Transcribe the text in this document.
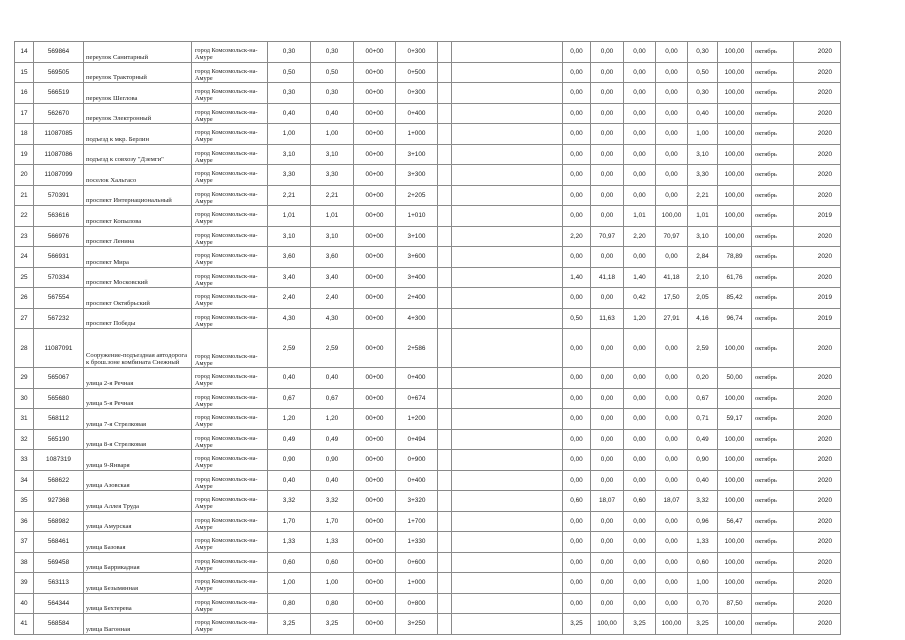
14	569864	переулок Санитарный	город Комсомольск-на-Амуре	0,30	0,30	00+00	0+300			0,00	0,00	0,00	0,00	0,30	100,00	октябрь	2020
15	569505	переулок Тракторный	город Комсомольск-на-Амуре	0,50	0,50	00+00	0+500			0,00	0,00	0,00	0,00	0,50	100,00	октябрь	2020
16	566519	переулок Шеглова	город Комсомольск-на-Амуре	0,30	0,30	00+00	0+300			0,00	0,00	0,00	0,00	0,30	100,00	октябрь	2020
17	562670	переулок Электронный	город Комсомольск-на-Амуре	0,40	0,40	00+00	0+400			0,00	0,00	0,00	0,00	0,40	100,00	октябрь	2020
18	11087085	подъезд к мкр. Берлин	город Комсомольск-на-Амуре	1,00	1,00	00+00	1+000			0,00	0,00	0,00	0,00	1,00	100,00	октябрь	2020
19	11087086	подъезд к совхозу "Дземги"	город Комсомольск-на-Амуре	3,10	3,10	00+00	3+100			0,00	0,00	0,00	0,00	3,10	100,00	октябрь	2020
20	11087099	поселок Хальгасо	город Комсомольск-на-Амуре	3,30	3,30	00+00	3+300			0,00	0,00	0,00	0,00	3,30	100,00	октябрь	2020
21	570391	проспект Интернациональный	город Комсомольск-на-Амуре	2,21	2,21	00+00	2+205			0,00	0,00	0,00	0,00	2,21	100,00	октябрь	2020
22	563616	проспект Копылова	город Комсомольск-на-Амуре	1,01	1,01	00+00	1+010			0,00	0,00	1,01	100,00	1,01	100,00	октябрь	2019
23	566976	проспект Ленина	город Комсомольск-на-Амуре	3,10	3,10	00+00	3+100			2,20	70,97	2,20	70,97	3,10	100,00	октябрь	2020
24	566931	проспект Мира	город Комсомольск-на-Амуре	3,60	3,60	00+00	3+600			0,00	0,00	0,00	0,00	2,84	78,89	октябрь	2020
25	570334	проспект Московский	город Комсомольск-на-Амуре	3,40	3,40	00+00	3+400			1,40	41,18	1,40	41,18	2,10	61,76	октябрь	2020
26	567554	проспект Октябрьский	город Комсомольск-на-Амуре	2,40	2,40	00+00	2+400			0,00	0,00	0,42	17,50	2,05	85,42	октябрь	2019
27	567232	проспект Победы	город Комсомольск-на-Амуре	4,30	4,30	00+00	4+300			0,50	11,63	1,20	27,91	4,16	96,74	октябрь	2019
28	11087091	Сооружение-подъездная автодорога к брош.зоне комбината Снежный	город Комсомольск-на-Амуре	2,59	2,59	00+00	2+586			0,00	0,00	0,00	0,00	2,59	100,00	октябрь	2020
29	565067	улица 2-я Речная	город Комсомольск-на-Амуре	0,40	0,40	00+00	0+400			0,00	0,00	0,00	0,00	0,20	50,00	октябрь	2020
30	565680	улица 5-я Речная	город Комсомольск-на-Амуре	0,67	0,67	00+00	0+674			0,00	0,00	0,00	0,00	0,67	100,00	октябрь	2020
31	568112	улица 7-я Стрелковая	город Комсомольск-на-Амуре	1,20	1,20	00+00	1+200			0,00	0,00	0,00	0,00	0,71	59,17	октябрь	2020
32	565190	улица 8-я Стрелковая	город Комсомольск-на-Амуре	0,49	0,49	00+00	0+494			0,00	0,00	0,00	0,00	0,49	100,00	октябрь	2020
33	1087319	улица 9-Января	город Комсомольск-на-Амуре	0,90	0,90	00+00	0+900			0,00	0,00	0,00	0,00	0,90	100,00	октябрь	2020
34	568622	улица Азовская	город Комсомольск-на-Амуре	0,40	0,40	00+00	0+400			0,00	0,00	0,00	0,00	0,40	100,00	октябрь	2020
35	927368	улица Аллея Труда	город Комсомольск-на-Амуре	3,32	3,32	00+00	3+320			0,60	18,07	0,60	18,07	3,32	100,00	октябрь	2020
36	568982	улица Амурская	город Комсомольск-на-Амуре	1,70	1,70	00+00	1+700			0,00	0,00	0,00	0,00	0,96	56,47	октябрь	2020
37	568461	улица Базовая	город Комсомольск-на-Амуре	1,33	1,33	00+00	1+330			0,00	0,00	0,00	0,00	1,33	100,00	октябрь	2020
38	569458	улица Баррикадная	город Комсомольск-на-Амуре	0,60	0,60	00+00	0+600			0,00	0,00	0,00	0,00	0,60	100,00	октябрь	2020
39	563113	улица Безымянная	город Комсомольск-на-Амуре	1,00	1,00	00+00	1+000			0,00	0,00	0,00	0,00	1,00	100,00	октябрь	2020
40	564344	улица Бехтерева	город Комсомольск-на-Амуре	0,80	0,80	00+00	0+800			0,00	0,00	0,00	0,00	0,70	87,50	октябрь	2020
41	568584	улица Вагонная	город Комсомольск-на-Амуре	3,25	3,25	00+00	3+250			3,25	100,00	3,25	100,00	3,25	100,00	октябрь	2020
